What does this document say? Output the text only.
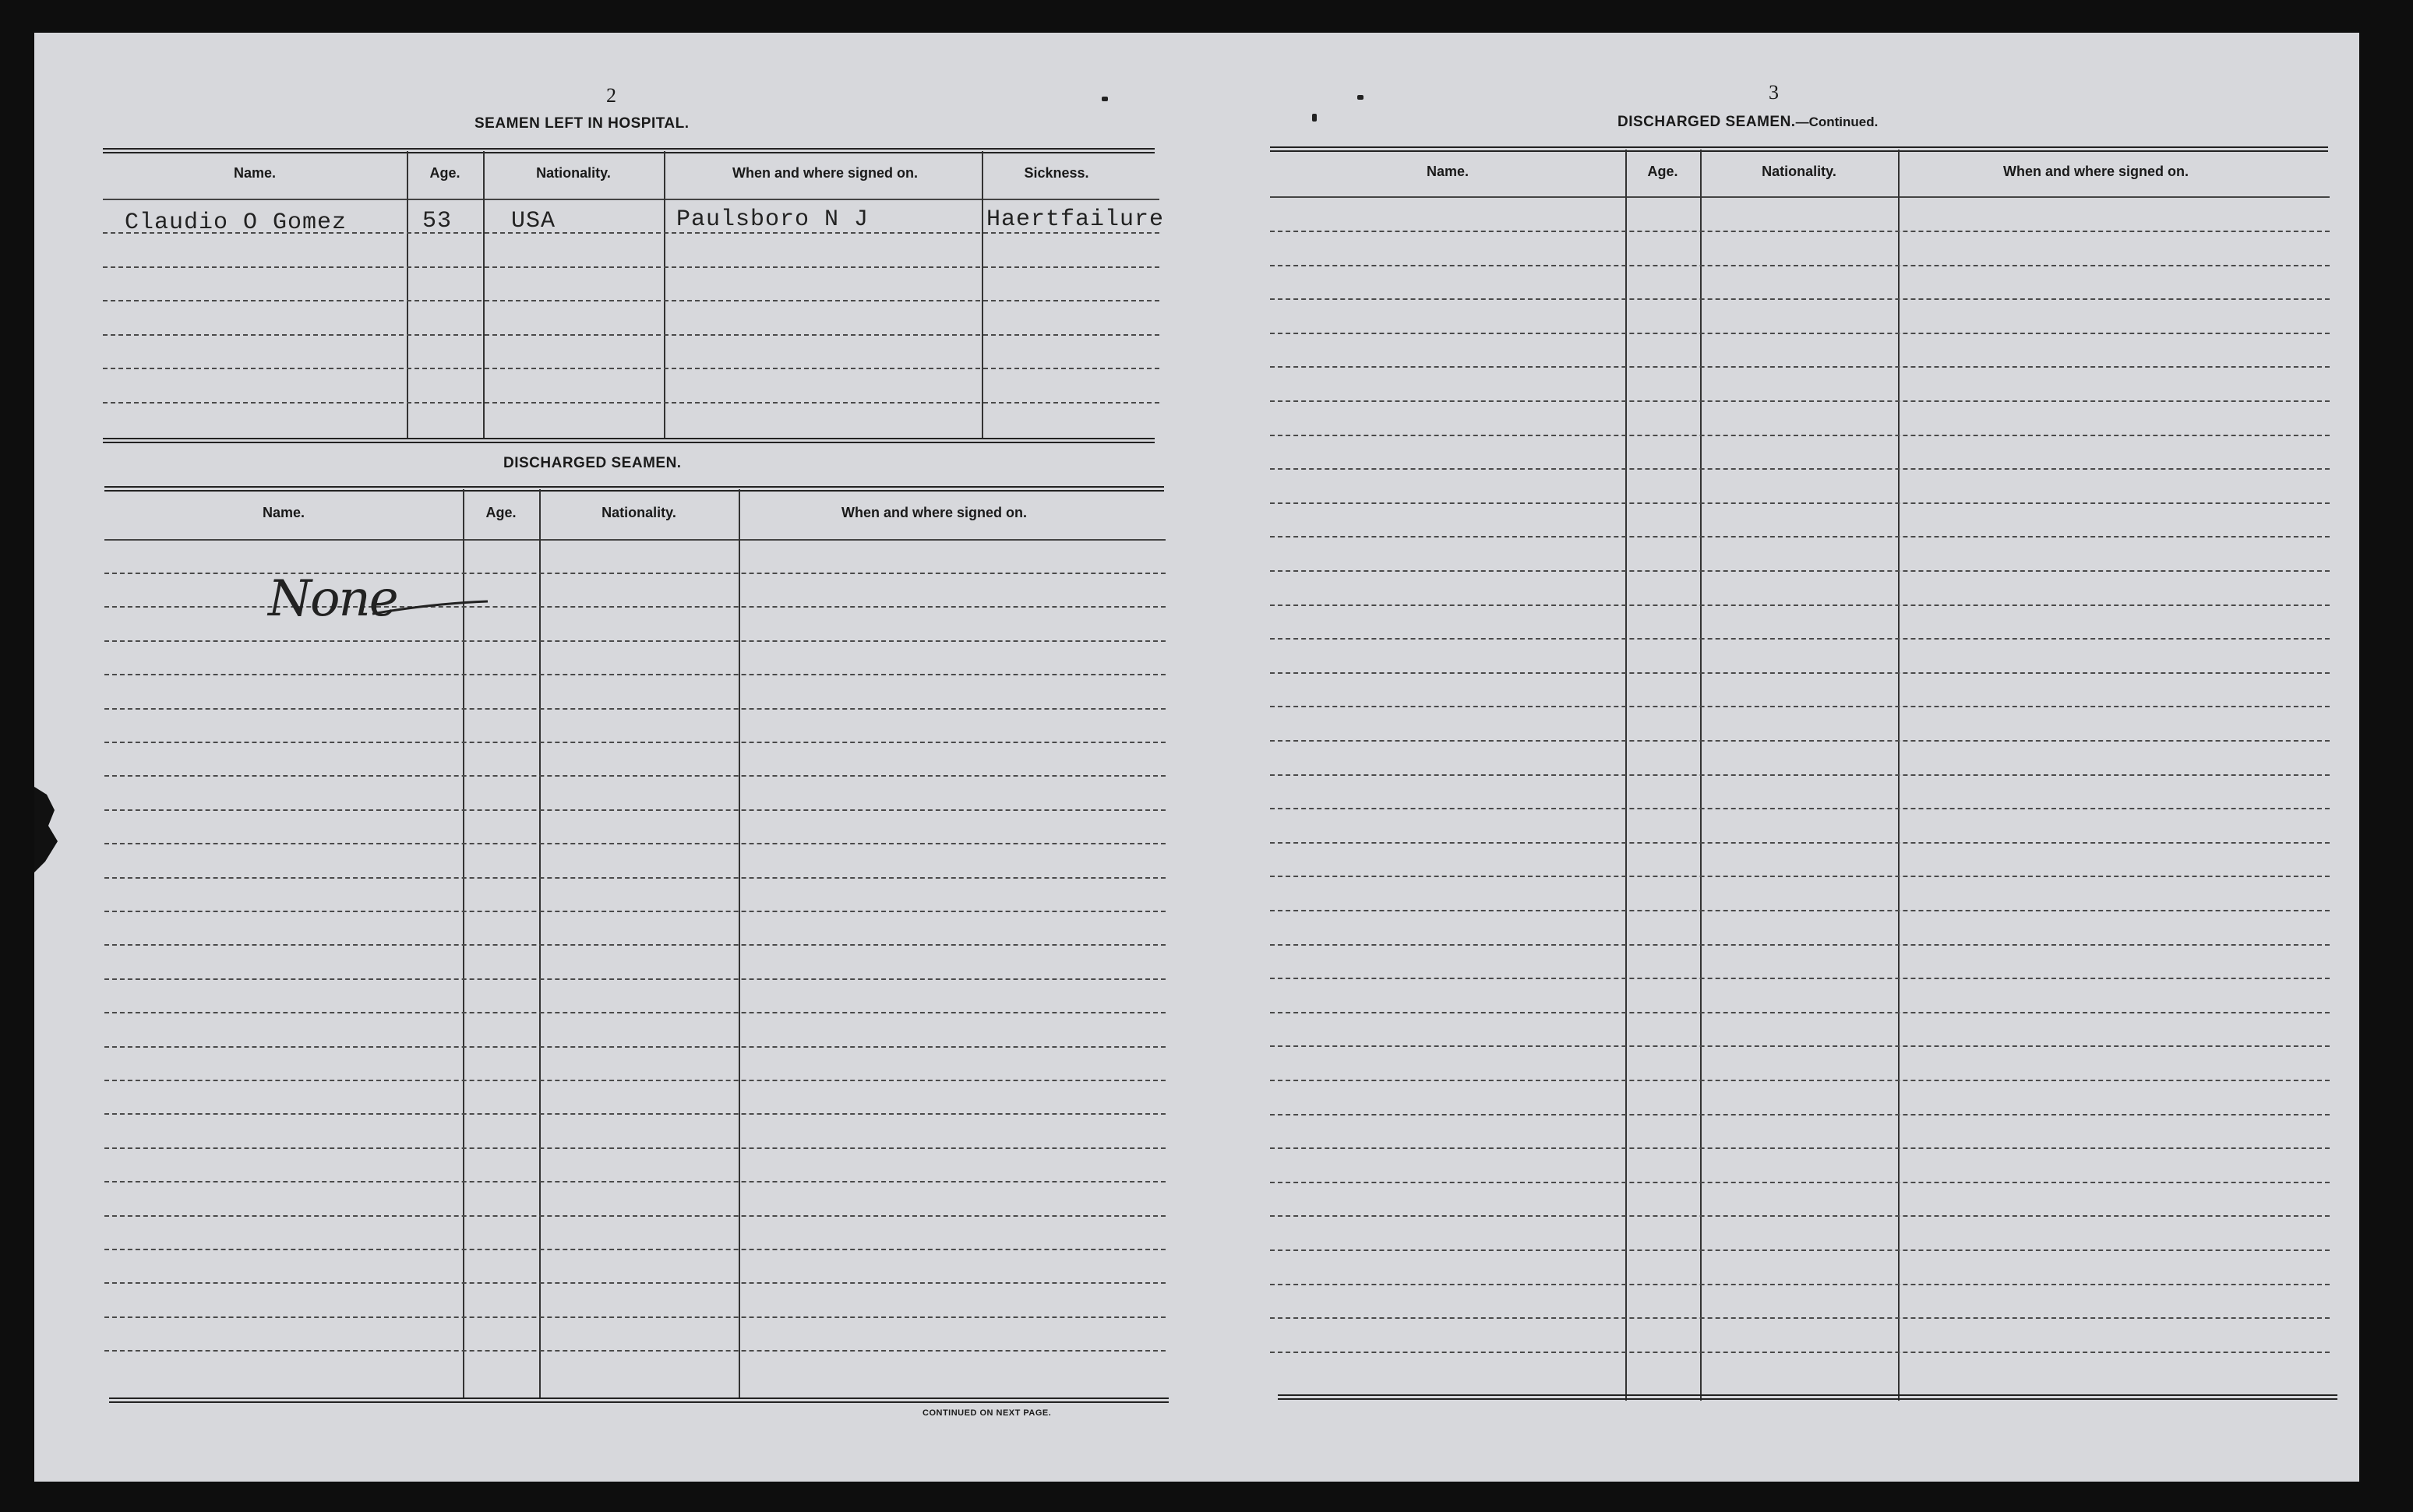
2
SEAMEN LEFT IN HOSPITAL.
Name.	Age.	Nationality.	When and where signed on.	Sickness.
Claudio O Gomez	53	USA	Paulsboro N J	Haertfailure
DISCHARGED SEAMEN.
Name.	Age.	Nationality.	When and where signed on.
None
CONTINUED ON NEXT PAGE.
3
DISCHARGED SEAMEN.—Continued.
Name.	Age.	Nationality.	When and where signed on.
